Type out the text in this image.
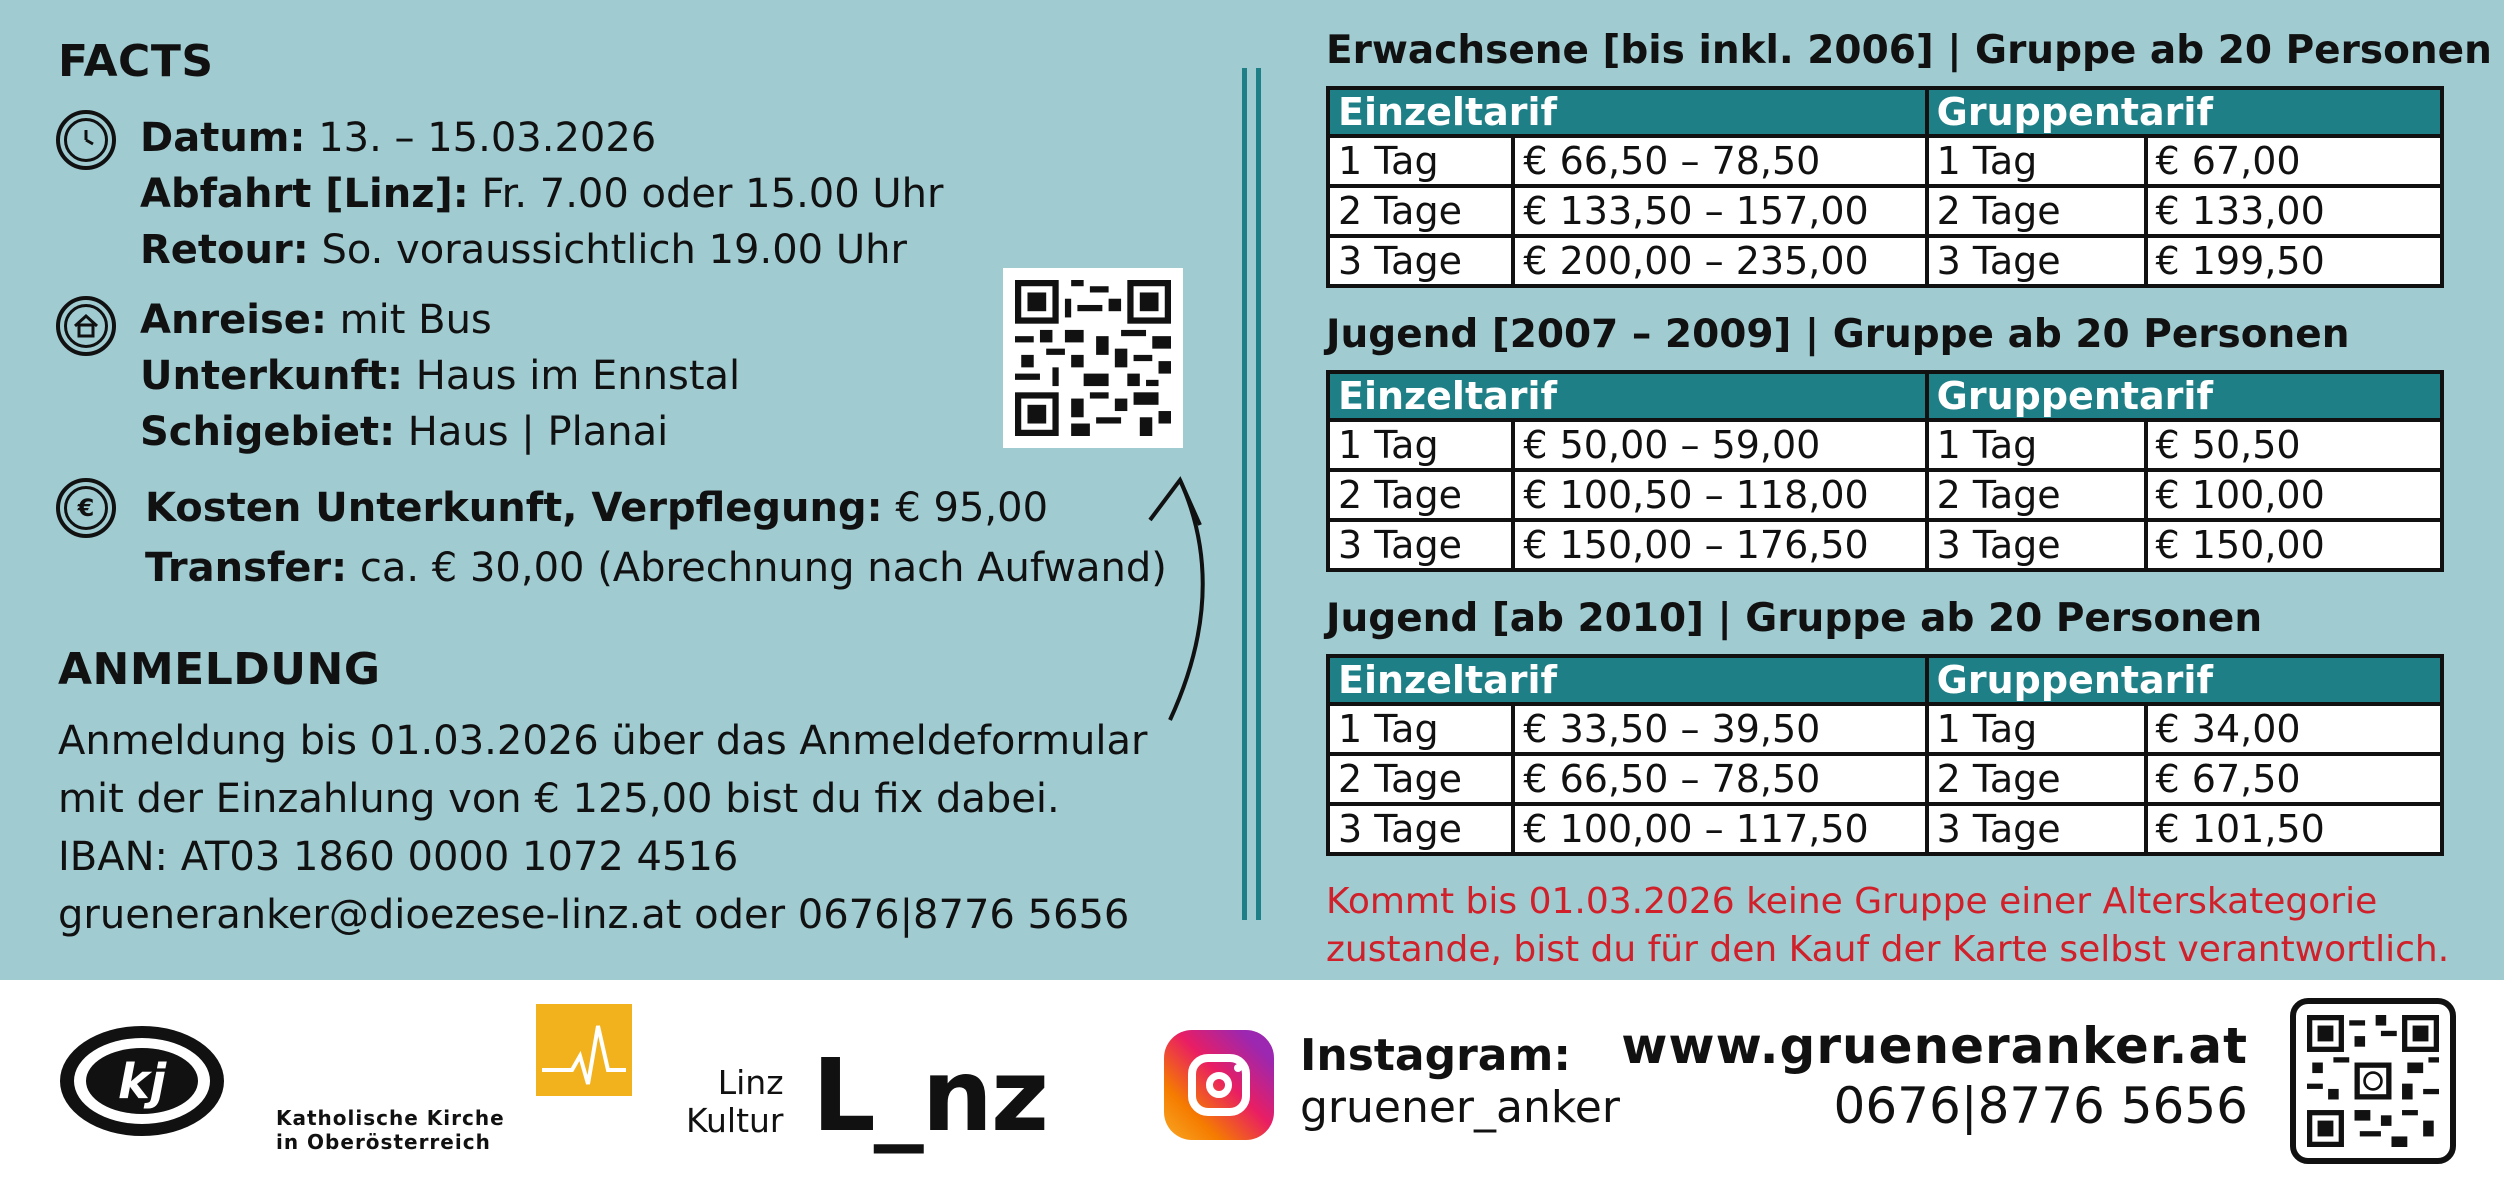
FACTS
Datum: 13. – 15.03.2026
Abfahrt [Linz]: Fr. 7.00 oder 15.00 Uhr
Retour: So. voraussichtlich 19.00 Uhr
Anreise: mit Bus
Unterkunft: Haus im Ennstal
Schigebiet: Haus | Planai
€	Kosten Unterkunft, Verpflegung: € 95,00
Transfer: ca. € 30,00 (Abrechnung nach Aufwand)
ANMELDUNG
Anmeldung bis 01.03.2026 über das Anmeldeformular
mit der Einzahlung von € 125,00 bist du fix dabei.
IBAN: AT03 1860 0000 1072 4516
grueneranker@dioezese-linz.at oder 0676|8776 5656
Erwachsene [bis inkl. 2006] | Gruppe ab 20 Personen
Einzeltarif		Gruppentarif	
1 Tag	€ 66,50 – 78,50	1 Tag	€ 67,00
2 Tage	€ 133,50 – 157,00	2 Tage	€ 133,00
3 Tage	€ 200,00 – 235,00	3 Tage	€ 199,50
Jugend [2007 – 2009] | Gruppe ab 20 Personen
Einzeltarif		Gruppentarif	
1 Tag	€ 50,00 – 59,00	1 Tag	€ 50,50
2 Tage	€ 100,50 – 118,00	2 Tage	€ 100,00
3 Tage	€ 150,00 – 176,50	3 Tage	€ 150,00
Jugend [ab 2010] | Gruppe ab 20 Personen
Einzeltarif		Gruppentarif	
1 Tag	€ 33,50 – 39,50	1 Tag	€ 34,00
2 Tage	€ 66,50 – 78,50	2 Tage	€ 67,50
3 Tage	€ 100,00 – 117,50	3 Tage	€ 101,50
Kommt bis 01.03.2026 keine Gruppe einer Alterskategorie zustande, bist du für den Kauf der Karte selbst verantwortlich.
kj
Katholische Kirche
in Oberösterreich
Linz
Kultur L_nz	Instagram:
gruener_anker
www.grueneranker.at
0676|8776 5656
